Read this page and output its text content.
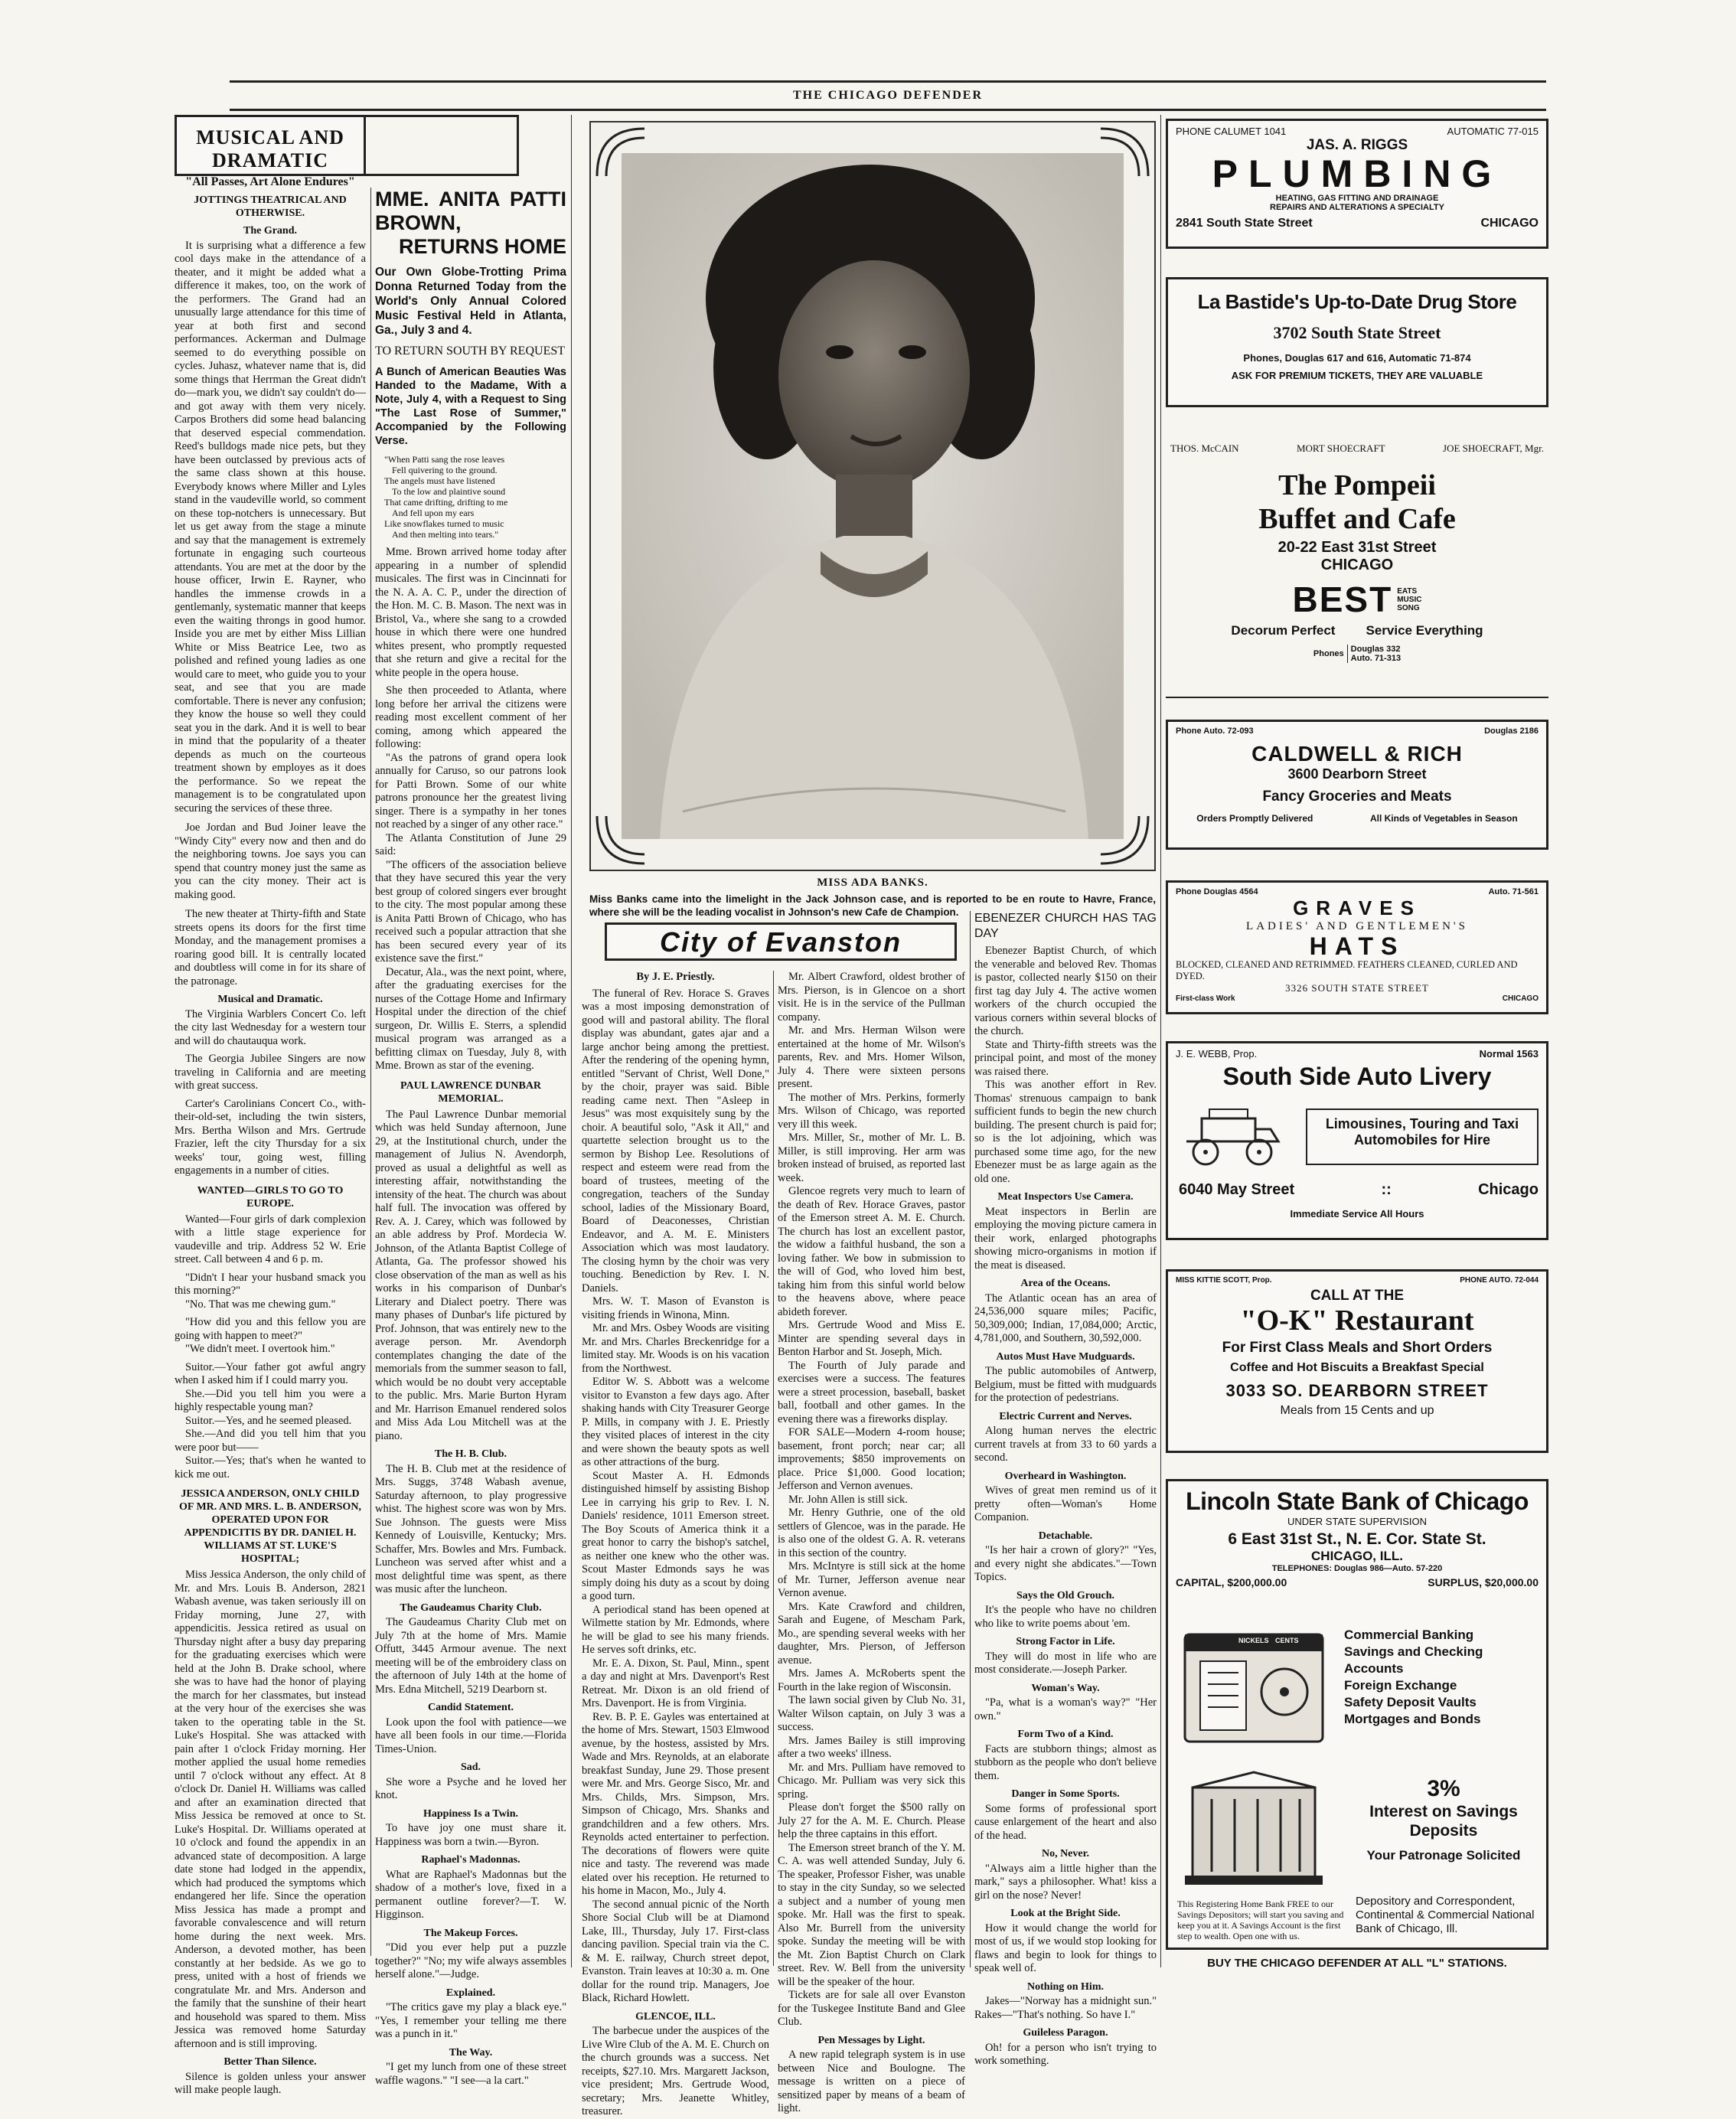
THE CHICAGO DEFENDER
MUSICAL AND DRAMATIC
"All Passes, Art Alone Endures"
JOTTINGS THEATRICAL AND OTHERWISE.
The Grand.

It is surprising what a difference a few cool days make in the attendance of a theater, and it might be added what a difference it makes, too, on the work of the performers. The Grand had an unusually large attendance for this time of year at both first and second performances. Ackerman and Dulmage seemed to do everything possible on cycles. Juhasz, whatever name that is, did some things that Herrman the Great didn't do—mark you, we didn't say couldn't do—and got away with them very nicely. Carpos Brothers did some head balancing that deserved especial commendation. Reed's bulldogs made nice pets, but they have been outclassed by previous acts of the same class shown at this house. Everybody knows where Miller and Lyles stand in the vaudeville world, so comment on these top-notchers is unnecessary. But let us get away from the stage a minute and say that the management is extremely fortunate in engaging such courteous attendants. You are met at the door by the house officer, Irwin E. Rayner, who handles the immense crowds in a gentlemanly, systematic manner that keeps even the waiting throngs in good humor. Inside you are met by either Miss Lillian White or Miss Beatrice Lee, two as polished and refined young ladies as one would care to meet, who guide you to your seat, and see that you are made comfortable. There is never any confusion; they know the house so well they could seat you in the dark. And it is well to bear in mind that the popularity of a theater depends as much on the courteous treatment shown by employes as it does the performance. So we repeat the management is to be congratulated upon securing the services of these three.

Joe Jordan and Bud Joiner leave the "Windy City" every now and then and do the neighboring towns. Joe says you can spend that country money just the same as you can the city money. Their act is making good.

The new theater at Thirty-fifth and State streets opens its doors for the first time Monday, and the management promises a roaring good bill. It is centrally located and doubtless will come in for its share of the patronage.

Musical and Dramatic.

The Virginia Warblers Concert Co. left the city last Wednesday for a western tour and will do chautauqua work.

The Georgia Jubilee Singers are now traveling in California and are meeting with great success.

Carter's Carolinians Concert Co., with-their-old-set, including the twin sisters, Mrs. Bertha Wilson and Mrs. Gertrude Frazier, left the city Thursday for a six weeks' tour, going west, filling engagements in a number of cities.

WANTED—GIRLS TO GO TO EUROPE.

Wanted—Four girls of dark complexion with a little stage experience for vaudeville and trip. Address 52 W. Erie street. Call between 4 and 6 p. m.

"Didn't I hear your husband smack you this morning?"

"No. That was me chewing gum."

"How did you and this fellow you are going with happen to meet?"

"We didn't meet. I overtook him."

Suitor.—Your father got awful angry when I asked him if I could marry you.

She.—Did you tell him you were a highly respectable young man?

Suitor.—Yes, and he seemed pleased.

She.—And did you tell him that you were poor but——

Suitor.—Yes; that's when he wanted to kick me out.

JESSICA ANDERSON, ONLY CHILD OF MR. AND MRS. L. B. ANDERSON, OPERATED UPON FOR APPENDICITIS BY DR. DANIEL H. WILLIAMS AT ST. LUKE'S HOSPITAL;

Miss Jessica Anderson, the only child of Mr. and Mrs. Louis B. Anderson, 2821 Wabash avenue, was taken seriously ill on Friday morning, June 27, with appendicitis. Jessica retired as usual on Thursday night after a busy day preparing for the graduating exercises which were held at the John B. Drake school, where she was to have had the honor of playing the march for her classmates, but instead at the very hour of the exercises she was taken to the operating table in the St. Luke's Hospital. She was attacked with pain after 1 o'clock Friday morning. Her mother applied the usual home remedies until 7 o'clock without any effect. At 8 o'clock Dr. Daniel H. Williams was called and after an examination directed that Miss Jessica be removed at once to St. Luke's Hospital. Dr. Williams operated at 10 o'clock and found the appendix in an advanced state of decomposition. A large date stone had lodged in the appendix, which had produced the symptoms which endangered her life. Since the operation Miss Jessica has made a prompt and favorable convalescence and will return home during the next week. Mrs. Anderson, a devoted mother, has been constantly at her bedside. As we go to press, united with a host of friends we congratulate Mr. and Mrs. Anderson and the family that the sunshine of their heart and household was spared to them. Miss Jessica was removed home Saturday afternoon and is still improving.

Better Than Silence.

Silence is golden unless your answer will make people laugh.

MME. ANITA PATTI BROWN, RETURNS HOME
Our Own Globe-Trotting Prima Donna Returned Today from the World's Only Annual Colored Music Festival Held in Atlanta, Ga., July 3 and 4.
TO RETURN SOUTH BY REQUEST
A Bunch of American Beauties Was Handed to the Madame, With a Note, July 4, with a Request to Sing "The Last Rose of Summer," Accompanied by the Following Verse.
"When Patti sang the rose leaves
Fell quivering to the ground.
The angels must have listened
To the low and plaintive sound
That came drifting, drifting to me
And fell upon my ears
Like snowflakes turned to music
And then melting into tears."

Mme. Brown arrived home today after appearing in a number of splendid musicales. The first was in Cincinnati for the N. A. A. C. P., under the direction of the Hon. M. C. B. Mason. The next was in Bristol, Va., where she sang to a crowded house in which there were one hundred whites present, who promptly requested that she return and give a recital for the white people in the opera house.

She then proceeded to Atlanta, where long before her arrival the citizens were reading most excellent comment of her coming, among which appeared the following:

"As the patrons of grand opera look annually for Caruso, so our patrons look for Patti Brown. Some of our white patrons pronounce her the greatest living singer. There is a sympathy in her tones not reached by a singer of any other race."

The Atlanta Constitution of June 29 said:

"The officers of the association believe that they have secured this year the very best group of colored singers ever brought to the city. The most popular among these is Anita Patti Brown of Chicago, who has received such a popular attraction that she has been secured every year of its existence save the first."

Decatur, Ala., was the next point, where, after the graduating exercises for the nurses of the Cottage Home and Infirmary Hospital under the direction of the chief surgeon, Dr. Willis E. Sterrs, a splendid musical program was arranged as a befitting climax on Tuesday, July 8, with Mme. Brown as star of the evening.

PAUL LAWRENCE DUNBAR MEMORIAL.

The Paul Lawrence Dunbar memorial which was held Sunday afternoon, June 29, at the Institutional church, under the management of Julius N. Avendorph, proved as usual a delightful as well as interesting affair, notwithstanding the intensity of the heat. The church was about half full. The invocation was offered by Rev. A. J. Carey, which was followed by an able address by Prof. Mordecia W. Johnson, of the Atlanta Baptist College of Atlanta, Ga. The professor showed his close observation of the man as well as his works in his comparison of Dunbar's Literary and Dialect poetry. There was many phases of Dunbar's life pictured by Prof. Johnson, that was entirely new to the average person. Mr. Avendorph contemplates changing the date of the memorials from the summer season to fall, which would be no doubt very acceptable to the public. Mrs. Marie Burton Hyram and Mr. Harrison Emanuel rendered solos and Miss Ada Lou Mitchell was at the piano.

The H. B. Club.

The H. B. Club met at the residence of Mrs. Suggs, 3748 Wabash avenue, Saturday afternoon, to play progressive whist. The highest score was won by Mrs. Sue Johnson. The guests were Miss Kennedy of Louisville, Kentucky; Mrs. Schaffer, Mrs. Bowles and Mrs. Fumback. Luncheon was served after whist and a most delightful time was spent, as there was music after the luncheon.

The Gaudeamus Charity Club.

The Gaudeamus Charity Club met on July 7th at the home of Mrs. Mamie Offutt, 3445 Armour avenue. The next meeting will be of the embroidery class on the afternoon of July 14th at the home of Mrs. Edna Mitchell, 5219 Dearborn st.

Candid Statement.

Look upon the fool with patience—we have all been fools in our time.—Florida Times-Union.

Sad.

She wore a Psyche and he loved her knot.

Happiness Is a Twin.

To have joy one must share it. Happiness was born a twin.—Byron.

Raphael's Madonnas.

What are Raphael's Madonnas but the shadow of a mother's love, fixed in a permanent outline forever?—T. W. Higginson.

The Makeup Forces.

"Did you ever help put a puzzle together?" "No; my wife always assembles herself alone."—Judge.

Explained.

"The critics gave my play a black eye." "Yes, I remember your telling me there was a punch in it."

The Way.

"I get my lunch from one of these street waffle wagons." "I see—a la cart."

MISS ADA BANKS.
Miss Banks came into the limelight in the Jack Johnson case, and is reported to be en route to Havre, France, where she will be the leading vocalist in Johnson's new Cafe de Champion.
City of Evanston
By J. E. Priestly.

The funeral of Rev. Horace S. Graves was a most imposing demonstration of good will and pastoral ability. The floral display was abundant, gates ajar and a large anchor being among the prettiest. After the rendering of the opening hymn, entitled "Servant of Christ, Well Done," by the choir, prayer was said. Bible reading came next. Then "Asleep in Jesus" was most exquisitely sung by the choir. A beautiful solo, "Ask it All," and quartette selection brought us to the sermon by Bishop Lee. Resolutions of respect and esteem were read from the board of trustees, meeting of the congregation, teachers of the Sunday school, ladies of the Missionary Board, Board of Deaconesses, Christian Endeavor, and A. M. E. Ministers Association which was most laudatory. The closing hymn by the choir was very touching. Benediction by Rev. I. N. Daniels.

Mrs. W. T. Mason of Evanston is visiting friends in Winona, Minn.

Mr. and Mrs. Osbey Woods are visiting Mr. and Mrs. Charles Breckenridge for a limited stay. Mr. Woods is on his vacation from the Northwest.

Editor W. S. Abbott was a welcome visitor to Evanston a few days ago. After shaking hands with City Treasurer George P. Mills, in company with J. E. Priestly they visited places of interest in the city and were shown the beauty spots as well as other attractions of the burg.

Scout Master A. H. Edmonds distinguished himself by assisting Bishop Lee in carrying his grip to Rev. I. N. Daniels' residence, 1011 Emerson street. The Boy Scouts of America think it a great honor to carry the bishop's satchel, as neither one knew who the other was. Scout Master Edmonds says he was simply doing his duty as a scout by doing a good turn.

A periodical stand has been opened at Wilmette station by Mr. Edmonds, where he will be glad to see his many friends. He serves soft drinks, etc.

Mr. E. A. Dixon, St. Paul, Minn., spent a day and night at Mrs. Davenport's Rest Retreat. Mr. Dixon is an old friend of Mrs. Davenport. He is from Virginia.

Rev. B. P. E. Gayles was entertained at the home of Mrs. Stewart, 1503 Elmwood avenue, by the hostess, assisted by Mrs. Wade and Mrs. Reynolds, at an elaborate breakfast Sunday, June 29. Those present were Mr. and Mrs. George Sisco, Mr. and Mrs. Childs, Mrs. Simpson, Mrs. Simpson of Chicago, Mrs. Shanks and grandchildren and a few others. Mrs. Reynolds acted entertainer to perfection. The decorations of flowers were quite nice and tasty. The reverend was made elated over his reception. He returned to his home in Macon, Mo., July 4.

The second annual picnic of the North Shore Social Club will be at Diamond Lake, Ill., Thursday, July 17. First-class dancing pavilion. Special train via the C. & M. E. railway, Church street depot, Evanston. Train leaves at 10:30 a. m. One dollar for the round trip. Managers, Joe Black, Richard Howlett.

GLENCOE, ILL.

The barbecue under the auspices of the Live Wire Club of the A. M. E. Church on the church grounds was a success. Net receipts, $27.10. Mrs. Margarett Jackson, vice president; Mrs. Gertrude Wood, secretary; Mrs. Jeanette Whitley, treasurer.

Mr. Albert Crawford, oldest brother of Mrs. Pierson, is in Glencoe on a short visit. He is in the service of the Pullman company.

Mr. and Mrs. Herman Wilson were entertained at the home of Mr. Wilson's parents, Rev. and Mrs. Homer Wilson, July 4. There were sixteen persons present.

The mother of Mrs. Perkins, formerly Mrs. Wilson of Chicago, was reported very ill this week.

Mrs. Miller, Sr., mother of Mr. L. B. Miller, is still improving. Her arm was broken instead of bruised, as reported last week.

Glencoe regrets very much to learn of the death of Rev. Horace Graves, pastor of the Emerson street A. M. E. Church. The church has lost an excellent pastor, the widow a faithful husband, the son a loving father. We bow in submission to the will of God, who loved him best, taking him from this sinful world below to the heavens above, where peace abideth forever.

Mrs. Gertrude Wood and Miss E. Minter are spending several days in Benton Harbor and St. Joseph, Mich.

The Fourth of July parade and exercises were a success. The features were a street procession, baseball, basket ball, football and other games. In the evening there was a fireworks display.

FOR SALE—Modern 4-room house; basement, front porch; near car; all improvements; $850 improvements on place. Price $1,000. Good location; Jefferson and Vernon avenues.

Mr. John Allen is still sick.

Mr. Henry Guthrie, one of the old settlers of Glencoe, was in the parade. He is also one of the oldest G. A. R. veterans in this section of the country.

Mrs. McIntyre is still sick at the home of Mr. Turner, Jefferson avenue near Vernon avenue.

Mrs. Kate Crawford and children, Sarah and Eugene, of Mescham Park, Mo., are spending several weeks with her daughter, Mrs. Pierson, of Jefferson avenue.

Mrs. James A. McRoberts spent the Fourth in the lake region of Wisconsin.

The lawn social given by Club No. 31, Walter Wilson captain, on July 3 was a success.

Mrs. James Bailey is still improving after a two weeks' illness.

Mr. and Mrs. Pulliam have removed to Chicago. Mr. Pulliam was very sick this spring.

Please don't forget the $500 rally on July 27 for the A. M. E. Church. Please help the three captains in this effort.

The Emerson street branch of the Y. M. C. A. was well attended Sunday, July 6. The speaker, Professor Fisher, was unable to stay in the city Sunday, so we selected a subject and a number of young men spoke. Mr. Hall was the first to speak. Also Mr. Burrell from the university spoke. Sunday the meeting will be with the Mt. Zion Baptist Church on Clark street. Rev. W. Bell from the university will be the speaker of the hour.

Tickets are for sale all over Evanston for the Tuskegee Institute Band and Glee Club.

Pen Messages by Light.

A new rapid telegraph system is in use between Nice and Boulogne. The message is written on a piece of sensitized paper by means of a beam of light.

EBENEZER CHURCH HAS TAG DAY

Ebenezer Baptist Church, of which the venerable and beloved Rev. Thomas is pastor, collected nearly $150 on their first tag day July 4. The active women workers of the church occupied the various corners within several blocks of the church.

State and Thirty-fifth streets was the principal point, and most of the money was raised there.

This was another effort in Rev. Thomas' strenuous campaign to bank sufficient funds to begin the new church building. The present church is paid for; so is the lot adjoining, which was purchased some time ago, for the new Ebenezer must be as large again as the old one.

Meat Inspectors Use Camera.

Meat inspectors in Berlin are employing the moving picture camera in their work, enlarged photographs showing micro-organisms in motion if the meat is diseased.

Area of the Oceans.

The Atlantic ocean has an area of 24,536,000 square miles; Pacific, 50,309,000; Indian, 17,084,000; Arctic, 4,781,000, and Southern, 30,592,000.

Autos Must Have Mudguards.

The public automobiles of Antwerp, Belgium, must be fitted with mudguards for the protection of pedestrians.

Electric Current and Nerves.

Along human nerves the electric current travels at from 33 to 60 yards a second.

Overheard in Washington.

Wives of great men remind us of it pretty often—Woman's Home Companion.

Detachable.

"Is her hair a crown of glory?" "Yes, and every night she abdicates."—Town Topics.

Says the Old Grouch.

It's the people who have no children who like to write poems about 'em.

Strong Factor in Life.

They will do most in life who are most considerate.—Joseph Parker.

Woman's Way.

"Pa, what is a woman's way?" "Her own."

Form Two of a Kind.

Facts are stubborn things; almost as stubborn as the people who don't believe them.

Danger in Some Sports.

Some forms of professional sport cause enlargement of the heart and also of the head.

No, Never.

"Always aim a little higher than the mark," says a philosopher. What! kiss a girl on the nose? Never!

Look at the Bright Side.

How it would change the world for most of us, if we would stop looking for flaws and begin to look for things to speak well of.

Nothing on Him.

Jakes—"Norway has a midnight sun." Rakes—"That's nothing. So have I."

Guileless Paragon.

Oh! for a person who isn't trying to work something.

PHONE CALUMET 1041	AUTOMATIC 77-015
JAS. A. RIGGS
PLUMBING
HEATING, GAS FITTING AND DRAINAGE
REPAIRS AND ALTERATIONS A SPECIALTY
2841 South State Street	CHICAGO
La Bastide's Up-to-Date Drug Store
3702 South State Street
Phones, Douglas 617 and 616, Automatic 71-874
ASK FOR PREMIUM TICKETS, THEY ARE VALUABLE
THOS. McCAIN	MORT SHOECRAFT	JOE SHOECRAFT, Mgr.
The Pompeii
Buffet and Cafe
20-22 East 31st Street
CHICAGO
BEST EATS
MUSIC
SONG
Decorum Perfect Service Everything
Phones Douglas 332
Auto. 71-313
Phone Auto. 72-093	Douglas 2186
CALDWELL & RICH
3600 Dearborn Street
Fancy Groceries and Meats
Orders Promptly Delivered	All Kinds of Vegetables in Season
Phone Douglas 4564	Auto. 71-561
GRAVES
LADIES' AND GENTLEMEN'S
HATS
BLOCKED, CLEANED AND RETRIMMED. FEATHERS CLEANED, CURLED AND DYED.
3326 SOUTH STATE STREET
First-class Work	CHICAGO
J. E. WEBB, Prop.	Normal 1563
South Side Auto Livery
Limousines, Touring and Taxi
Automobiles for Hire
6040 May Street	::	Chicago
Immediate Service All Hours
MISS KITTIE SCOTT, Prop.	PHONE AUTO. 72-044
CALL AT THE
"O-K" Restaurant
For First Class Meals and Short Orders
Coffee and Hot Biscuits a Breakfast Special
3033 SO. DEARBORN STREET
Meals from 15 Cents and up
Lincoln State Bank of Chicago
UNDER STATE SUPERVISION
6 East 31st St., N. E. Cor. State St.
CHICAGO, ILL.
TELEPHONES: Douglas 986—Auto. 57-220
CAPITAL, $200,000.00	SURPLUS, $20,000.00
NICKELS CENTS	Commercial Banking
Savings and Checking Accounts
Foreign Exchange
Safety Deposit Vaults
Mortgages and Bonds
3%
Interest on Savings Deposits
Your Patronage Solicited
This Registering Home Bank FREE to our Savings Depositors; will start you saving and keep you at it. A Savings Account is the first step to wealth. Open one with us.
Depository and Correspondent, Continental & Commercial National Bank of Chicago, Ill.
BUY THE CHICAGO DEFENDER AT ALL "L" STATIONS.
